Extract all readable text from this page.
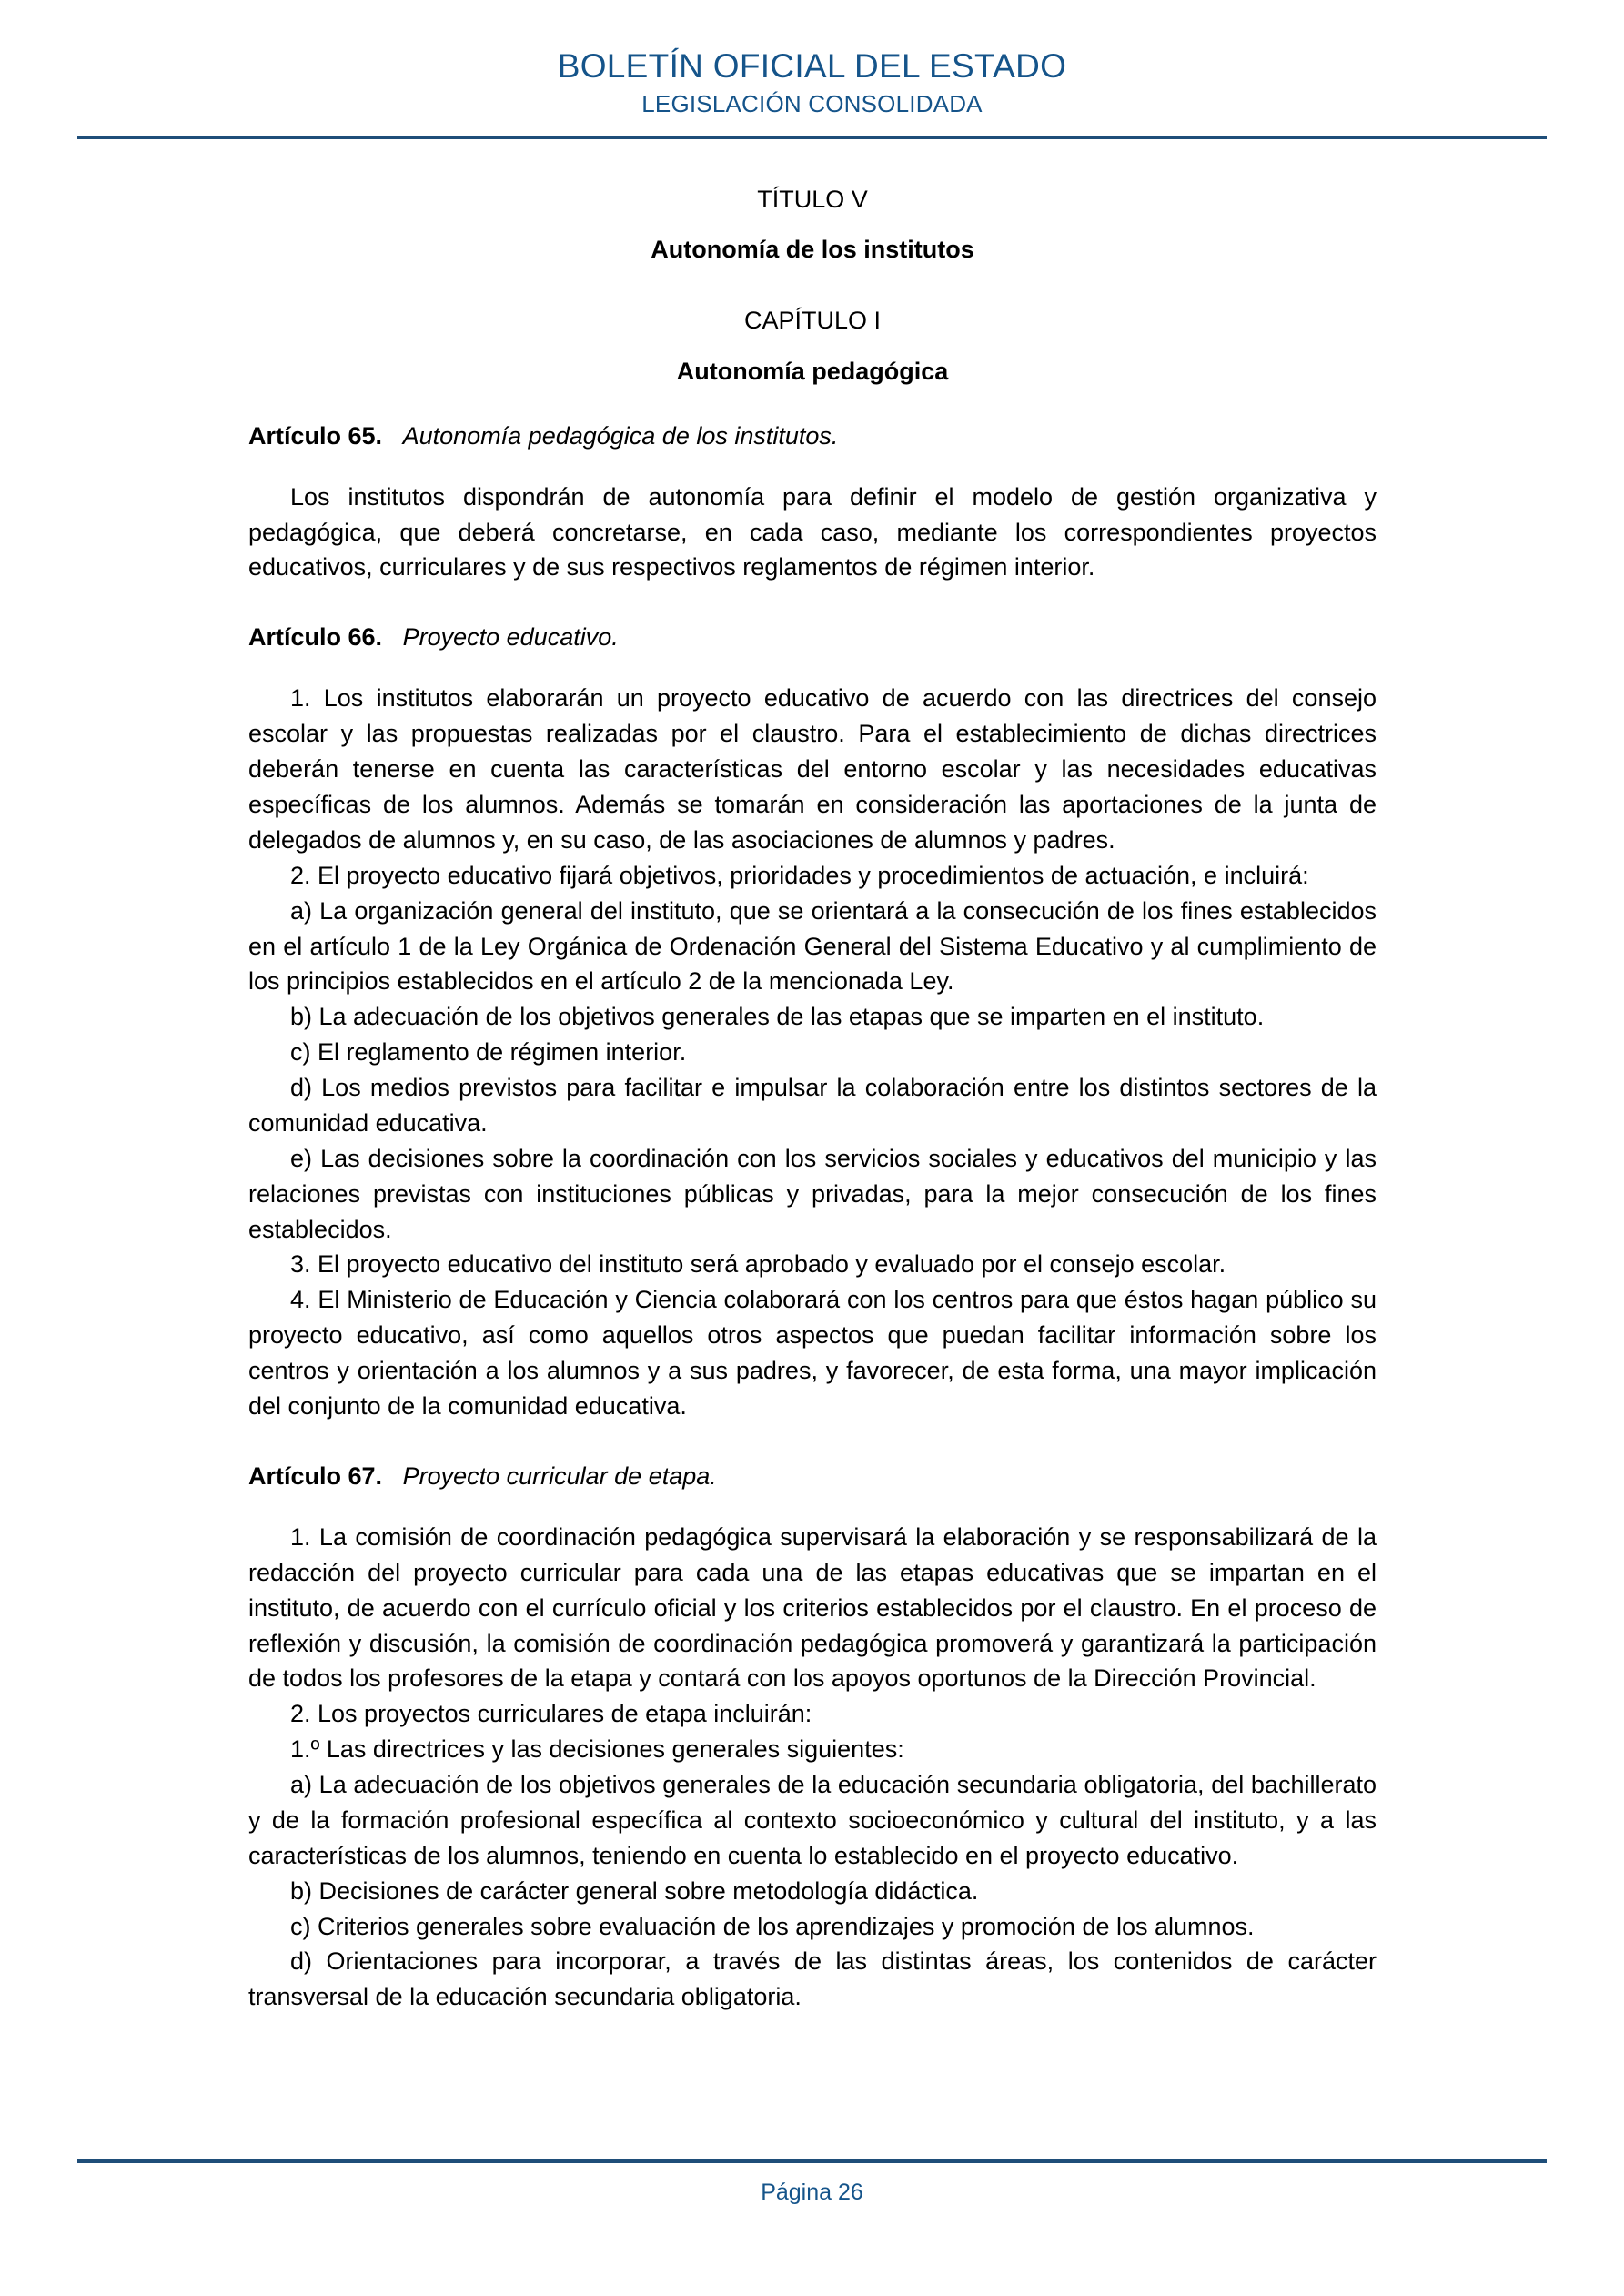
BOLETÍN OFICIAL DEL ESTADO
LEGISLACIÓN CONSOLIDADA
TÍTULO V
Autonomía de los institutos
CAPÍTULO I
Autonomía pedagógica
Artículo 65. Autonomía pedagógica de los institutos.

Los institutos dispondrán de autonomía para definir el modelo de gestión organizativa y pedagógica, que deberá concretarse, en cada caso, mediante los correspondientes proyectos educativos, curriculares y de sus respectivos reglamentos de régimen interior.

Artículo 66. Proyecto educativo.

1. Los institutos elaborarán un proyecto educativo de acuerdo con las directrices del consejo escolar y las propuestas realizadas por el claustro. Para el establecimiento de dichas directrices deberán tenerse en cuenta las características del entorno escolar y las necesidades educativas específicas de los alumnos. Además se tomarán en consideración las aportaciones de la junta de delegados de alumnos y, en su caso, de las asociaciones de alumnos y padres.

2. El proyecto educativo fijará objetivos, prioridades y procedimientos de actuación, e incluirá:

a) La organización general del instituto, que se orientará a la consecución de los fines establecidos en el artículo 1 de la Ley Orgánica de Ordenación General del Sistema Educativo y al cumplimiento de los principios establecidos en el artículo 2 de la mencionada Ley.

b) La adecuación de los objetivos generales de las etapas que se imparten en el instituto.

c) El reglamento de régimen interior.

d) Los medios previstos para facilitar e impulsar la colaboración entre los distintos sectores de la comunidad educativa.

e) Las decisiones sobre la coordinación con los servicios sociales y educativos del municipio y las relaciones previstas con instituciones públicas y privadas, para la mejor consecución de los fines establecidos.

3. El proyecto educativo del instituto será aprobado y evaluado por el consejo escolar.

4. El Ministerio de Educación y Ciencia colaborará con los centros para que éstos hagan público su proyecto educativo, así como aquellos otros aspectos que puedan facilitar información sobre los centros y orientación a los alumnos y a sus padres, y favorecer, de esta forma, una mayor implicación del conjunto de la comunidad educativa.

Artículo 67. Proyecto curricular de etapa.

1. La comisión de coordinación pedagógica supervisará la elaboración y se responsabilizará de la redacción del proyecto curricular para cada una de las etapas educativas que se impartan en el instituto, de acuerdo con el currículo oficial y los criterios establecidos por el claustro. En el proceso de reflexión y discusión, la comisión de coordinación pedagógica promoverá y garantizará la participación de todos los profesores de la etapa y contará con los apoyos oportunos de la Dirección Provincial.

2. Los proyectos curriculares de etapa incluirán:

1.º Las directrices y las decisiones generales siguientes:

a) La adecuación de los objetivos generales de la educación secundaria obligatoria, del bachillerato y de la formación profesional específica al contexto socioeconómico y cultural del instituto, y a las características de los alumnos, teniendo en cuenta lo establecido en el proyecto educativo.

b) Decisiones de carácter general sobre metodología didáctica.

c) Criterios generales sobre evaluación de los aprendizajes y promoción de los alumnos.

d) Orientaciones para incorporar, a través de las distintas áreas, los contenidos de carácter transversal de la educación secundaria obligatoria.

Página 26
